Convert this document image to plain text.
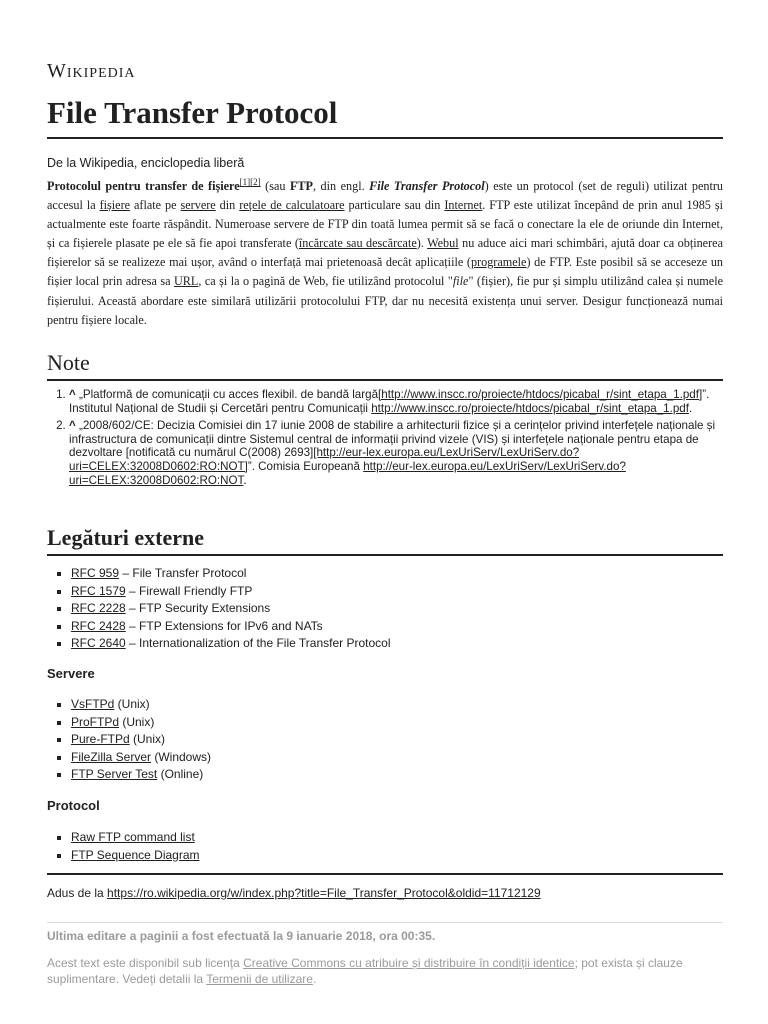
Wikipedia
File Transfer Protocol
De la Wikipedia, enciclopedia liberă

Protocolul pentru transfer de fișiere[1][2] (sau FTP, din engl. File Transfer Protocol) este un protocol (set de reguli) utilizat pentru accesul la fișiere aflate pe servere din rețele de calculatoare particulare sau din Internet. FTP este utilizat începând de prin anul 1985 și actualmente este foarte răspândit. Numeroase servere de FTP din toată lumea permit să se facă o conectare la ele de oriunde din Internet, și ca fișierele plasate pe ele să fie apoi transferate (încărcate sau descărcate). Webul nu aduce aici mari schimbări, ajută doar ca obținerea fișierelor să se realizeze mai ușor, având o interfață mai prietenoasă decât aplicațiile (programele) de FTP. Este posibil să se acceseze un fișier local prin adresa sa URL, ca și la o pagină de Web, fie utilizând protocolul "file" (fișier), fie pur și simplu utilizând calea și numele fișierului. Această abordare este similară utilizării protocolului FTP, dar nu necesită existența unui server. Desigur funcționează numai pentru fișiere locale.

Note
1. ^ „Platformă de comunicații cu acces flexibil. de bandă largă[http://www.inscc.ro/proiecte/htdocs/picabal_r/sint_etapa_1.pdf]”. Institutul Național de Studii și Cercetări pentru Comunicații http://www.inscc.ro/proiecte/htdocs/picabal_r/sint_etapa_1.pdf.
2. ^ „2008/602/CE: Decizia Comisiei din 17 iunie 2008 de stabilire a arhitecturii fizice și a cerințelor privind interfețele naționale și infrastructura de comunicații dintre Sistemul central de informații privind vizele (VIS) și interfețele naționale pentru etapa de dezvoltare [notificată cu numărul C(2008) 2693][http://eur-lex.europa.eu/LexUriServ/LexUriServ.do?uri=CELEX:32008D0602:RO:NOT]”. Comisia Europeană http://eur-lex.europa.eu/LexUriServ/LexUriServ.do?uri=CELEX:32008D0602:RO:NOT.
Legături externe
▪ RFC 959 – File Transfer Protocol
▪ RFC 1579 – Firewall Friendly FTP
▪ RFC 2228 – FTP Security Extensions
▪ RFC 2428 – FTP Extensions for IPv6 and NATs
▪ RFC 2640 – Internationalization of the File Transfer Protocol
Servere
▪ VsFTPd (Unix)
▪ ProFTPd (Unix)
▪ Pure-FTPd (Unix)
▪ FileZilla Server (Windows)
▪ FTP Server Test (Online)
Protocol
▪ Raw FTP command list
▪ FTP Sequence Diagram
Adus de la https://ro.wikipedia.org/w/index.php?title=File_Transfer_Protocol&oldid=11712129
Ultima editare a paginii a fost efectuată la 9 ianuarie 2018, ora 00:35.
Acest text este disponibil sub licența Creative Commons cu atribuire și distribuire în condiții identice; pot exista și clauze suplimentare. Vedeți detalii la Termenii de utilizare.
